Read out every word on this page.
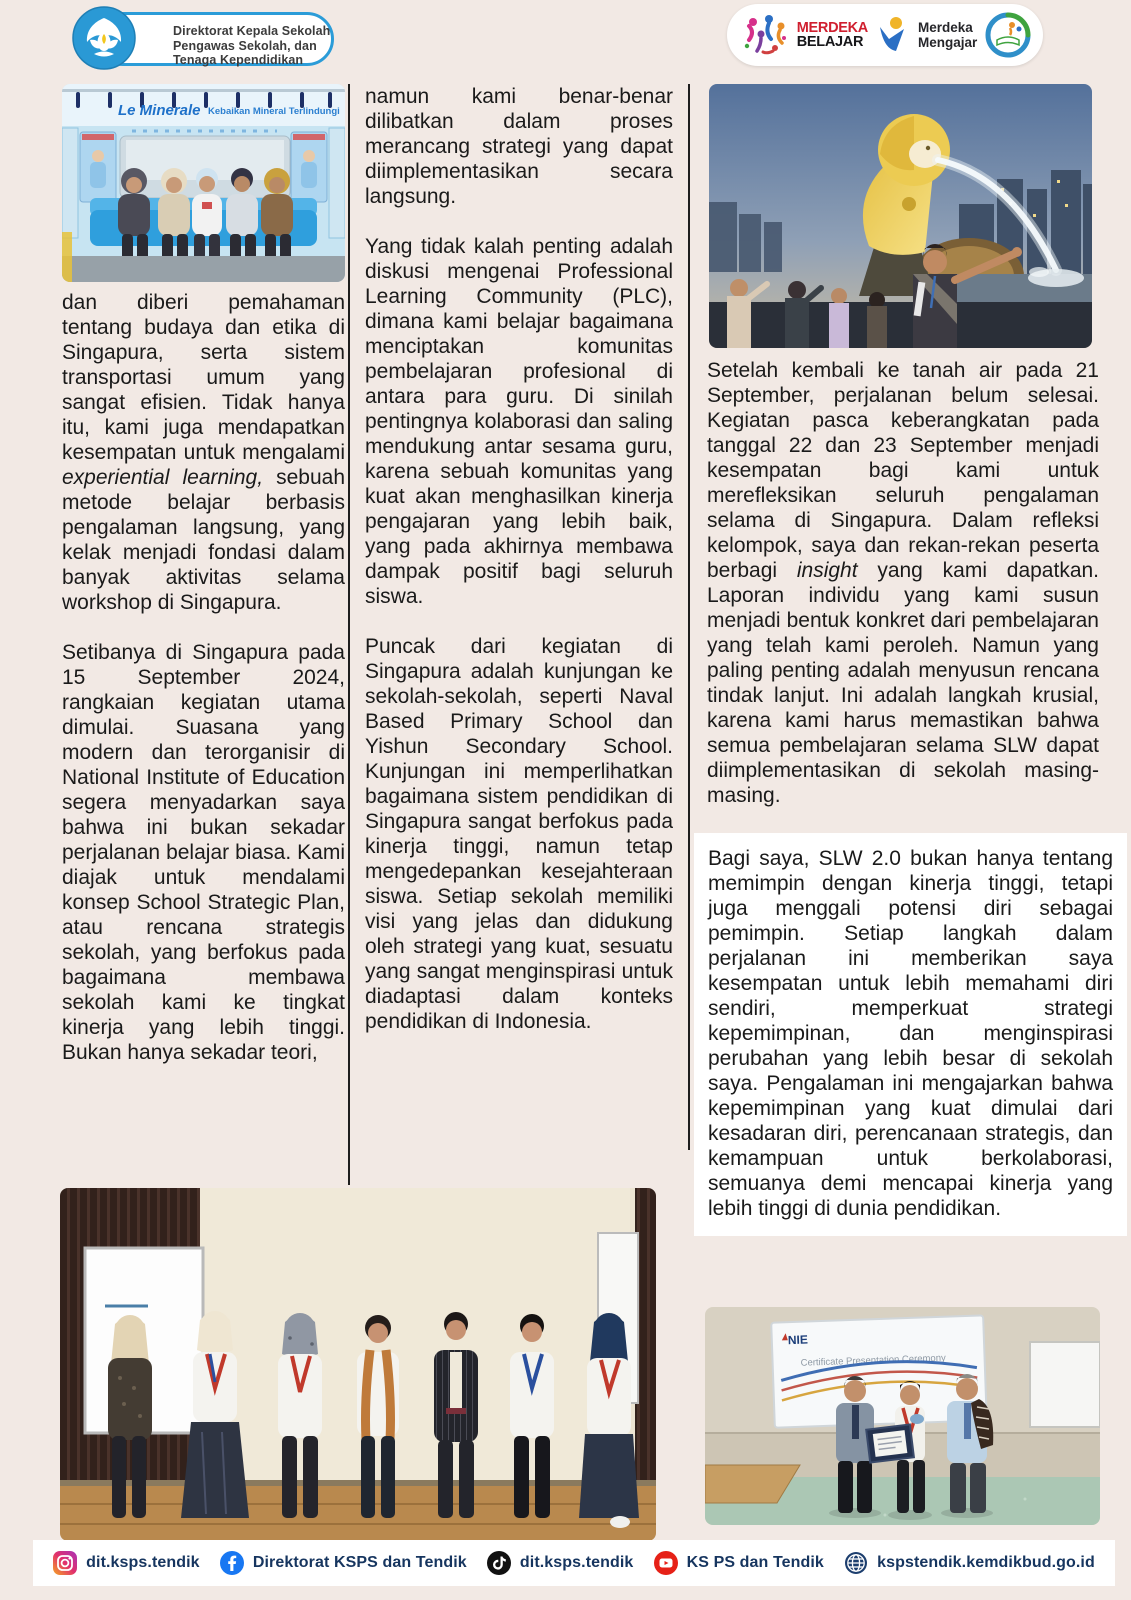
Direktorat Kepala Sekolah
Pengawas Sekolah, dan
Tenaga Kependidikan
MERDEKA
BELAJAR
Merdeka
Mengajar
Le Minerale Kebaikan Mineral Terlindungi

dan diberi pemahaman tentang budaya dan etika di Singapura, serta sistem transportasi umum yang sangat efisien. Tidak hanya itu, kami juga mendapatkan kesempatan untuk mengalami experiential learning, sebuah metode belajar berbasis pengalaman langsung, yang kelak menjadi fondasi dalam banyak aktivitas selama workshop di Singapura.

Setibanya di Singapura pada 15 September 2024, rangkaian kegiatan utama dimulai. Suasana yang modern dan terorganisir di National Institute of Education segera menyadarkan saya bahwa ini bukan sekadar perjalanan belajar biasa. Kami diajak untuk mendalami konsep School Strategic Plan, atau rencana strategis sekolah, yang berfokus pada bagaimana membawa sekolah kami ke tingkat kinerja yang lebih tinggi. Bukan hanya sekadar teori,

namun kami benar-benar dilibatkan dalam proses merancang strategi yang dapat diimplementasikan secara langsung.

Yang tidak kalah penting adalah diskusi mengenai Professional Learning Community (PLC), dimana kami belajar bagaimana menciptakan komunitas pembelajaran profesional di antara para guru. Di sinilah pentingnya kolaborasi dan saling mendukung antar sesama guru, karena sebuah komunitas yang kuat akan menghasilkan kinerja pengajaran yang lebih baik, yang pada akhirnya membawa dampak positif bagi seluruh siswa.

Puncak dari kegiatan di Singapura adalah kunjungan ke sekolah-sekolah, seperti Naval Based Primary School dan Yishun Secondary School. Kunjungan ini memperlihatkan bagaimana sistem pendidikan di Singapura sangat berfokus pada kinerja tinggi, namun tetap mengedepankan kesejahteraan siswa. Setiap sekolah memiliki visi yang jelas dan didukung oleh strategi yang kuat, sesuatu yang sangat menginspirasi untuk diadaptasi dalam konteks pendidikan di Indonesia.

Setelah kembali ke tanah air pada 21 September, perjalanan belum selesai. Kegiatan pasca keberangkatan pada tanggal 22 dan 23 September menjadi kesempatan bagi kami untuk merefleksikan seluruh pengalaman selama di Singapura. Dalam refleksi kelompok, saya dan rekan-rekan peserta berbagi insight yang kami dapatkan. Laporan individu yang kami susun menjadi bentuk konkret dari pembelajaran yang telah kami peroleh. Namun yang paling penting adalah menyusun rencana tindak lanjut. Ini adalah langkah krusial, karena kami harus memastikan bahwa semua pembelajaran selama SLW dapat diimplementasikan di sekolah masing-masing.

Bagi saya, SLW 2.0 bukan hanya tentang memimpin dengan kinerja tinggi, tetapi juga menggali potensi diri sebagai pemimpin. Setiap langkah dalam perjalanan ini memberikan saya kesempatan untuk lebih memahami diri sendiri, memperkuat strategi kepemimpinan, dan menginspirasi perubahan yang lebih besar di sekolah saya. Pengalaman ini mengajarkan bahwa kepemimpinan yang kuat dimulai dari kesadaran diri, perencanaan strategis, dan kemampuan untuk berkolaborasi, semuanya demi mencapai kinerja yang lebih tinggi di dunia pendidikan.

NIE
Certificate Presentation Ceremony
dit.ksps.tendik	Direktorat KSPS dan Tendik	dit.ksps.tendik	KS PS dan Tendik	kspstendik.kemdikbud.go.id
